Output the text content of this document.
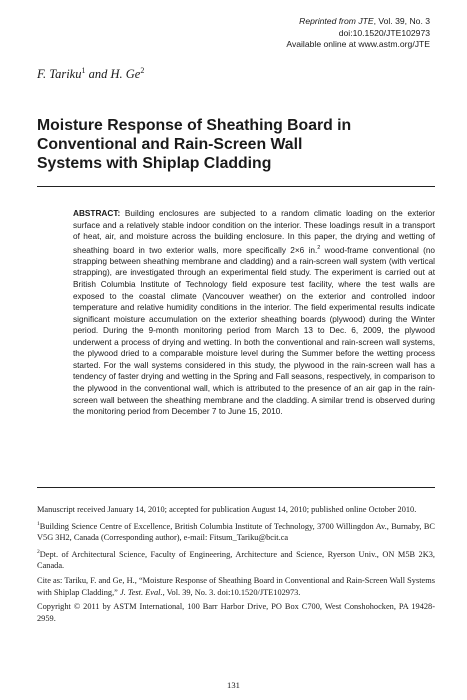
Reprinted from JTE, Vol. 39, No. 3
doi:10.1520/JTE102973
Available online at www.astm.org/JTE
F. Tariku$^1$ and H. Ge$^2$
Moisture Response of Sheathing Board in
Conventional and Rain-Screen Wall
Systems with Shiplap Cladding

ABSTRACT: Building enclosures are subjected to a random climatic loading on the exterior surface and a relatively stable indoor condition on the interior. These loadings result in a transport of heat, air, and moisture across the building enclosure. In this paper, the drying and wetting of sheathing board in two exterior walls, more specifically 2×6 in.$^2$ wood-frame conventional (no strapping between sheathing membrane and cladding) and a rain-screen wall system (with vertical strapping), are investigated through an experimental field study. The experiment is carried out at British Columbia Institute of Technology field exposure test facility, where the test walls are exposed to the coastal climate (Vancouver weather) on the exterior and controlled indoor temperature and relative humidity conditions in the interior. The field experimental results indicate significant moisture accumulation on the exterior sheathing boards (plywood) during the Winter period. During the 9-month monitoring period from March 13 to Dec. 6, 2009, the plywood underwent a process of drying and wetting. In both the conventional and rain-screen wall systems, the plywood dried to a comparable moisture level during the Summer before the wetting process started. For the wall systems considered in this study, the plywood in the rain-screen wall has a tendency of faster drying and wetting in the Spring and Fall seasons, respectively, in comparison to the plywood in the conventional wall, which is attributed to the presence of an air gap in the rain-screen wall between the sheathing membrane and the cladding. A similar trend is observed during the monitoring period from December 7 to June 15, 2010.

Manuscript received January 14, 2010; accepted for publication August 14, 2010; published online October 2010.

$^1$Building Science Centre of Excellence, British Columbia Institute of Technology, 3700 Willingdon Av., Burnaby, BC V5G 3H2, Canada (Corresponding author), e-mail: Fitsum_Tariku@bcit.ca

$^2$Dept. of Architectural Science, Faculty of Engineering, Architecture and Science, Ryerson Univ., ON M5B 2K3, Canada.

Cite as: Tariku, F. and Ge, H., “Moisture Response of Sheathing Board in Conventional and Rain-Screen Wall Systems with Shiplap Cladding,” J. Test. Eval., Vol. 39, No. 3. doi:10.1520/JTE102973.

Copyright © 2011 by ASTM International, 100 Barr Harbor Drive, PO Box C700, West Conshohocken, PA 19428-2959.

131
